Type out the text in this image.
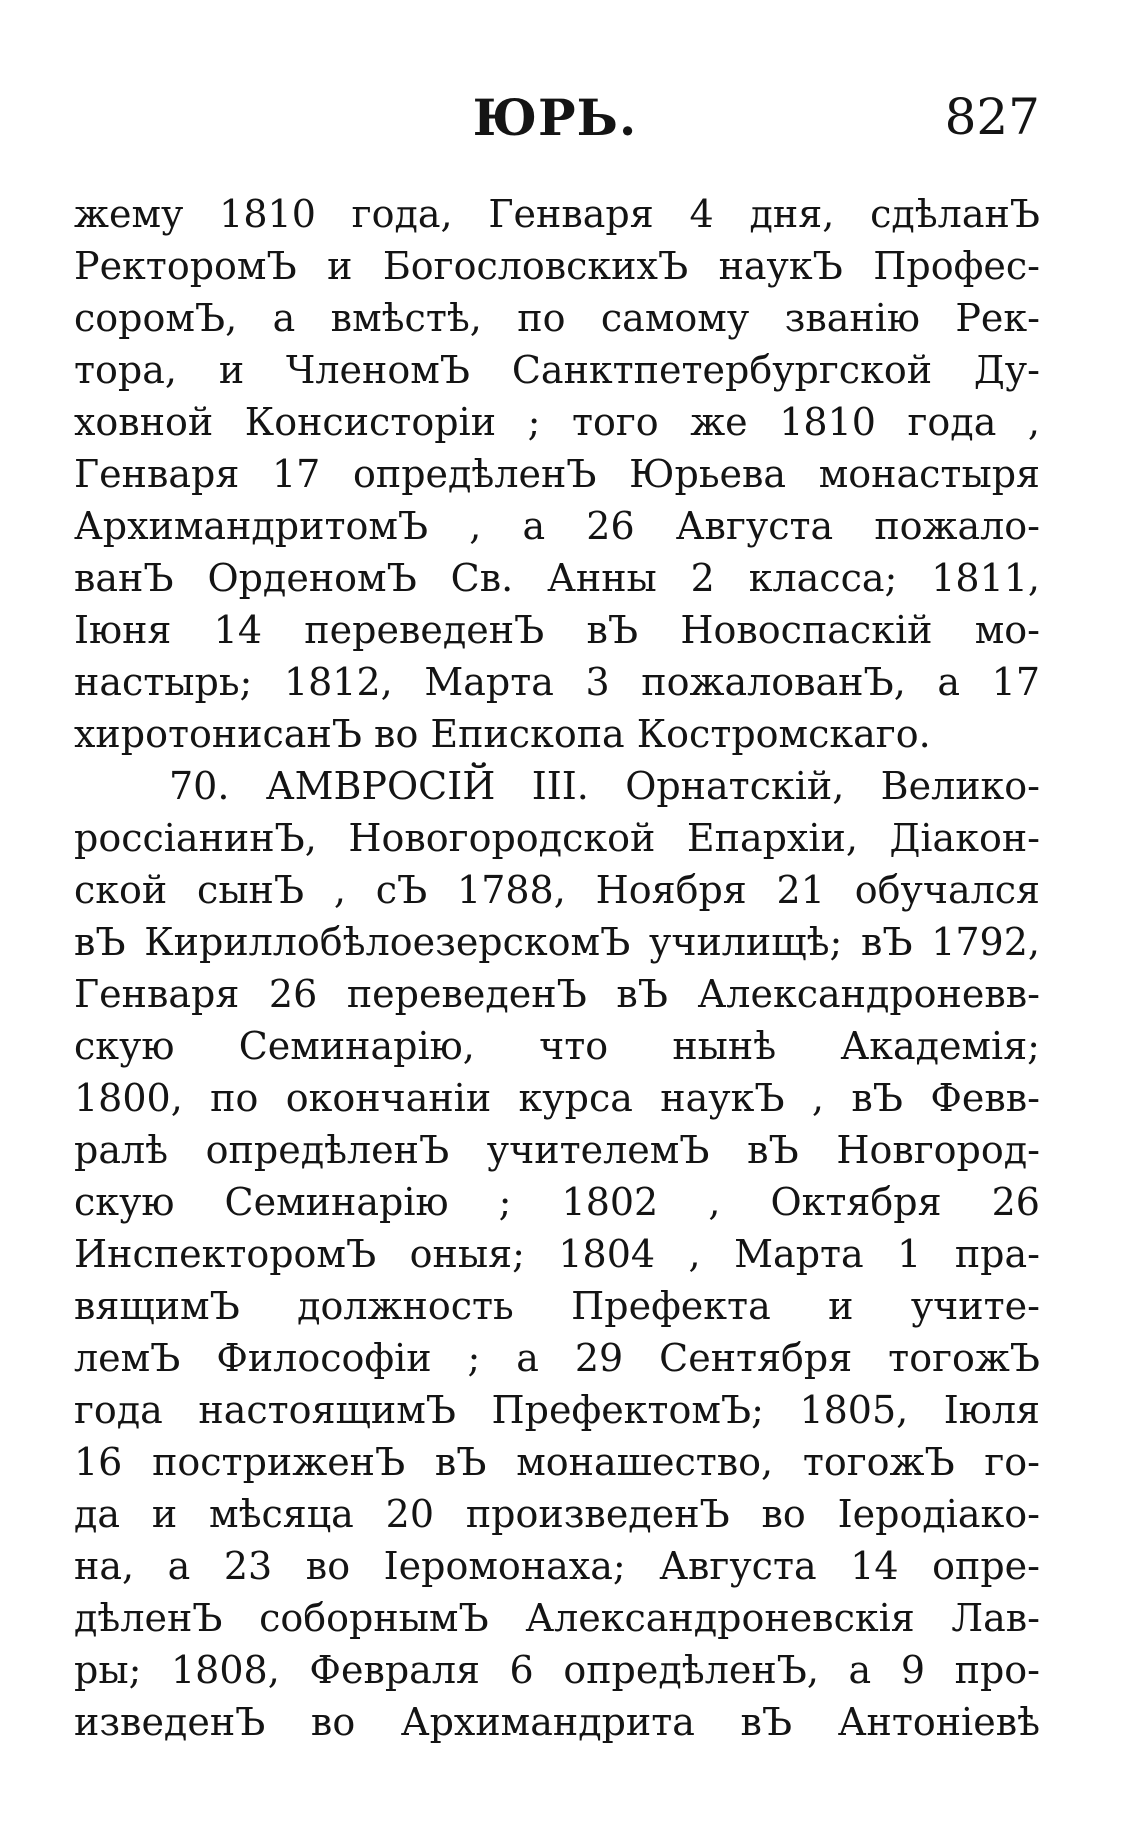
ЮРЬ.	827
жему 1810 года, Генваря 4 дня, сдѣланЪ
РекторомЪ и БогословскихЪ наукЪ Профес-
соромЪ, а вмѣстѣ, по самому званію Рек-
тора, и ЧленомЪ Санктпетербургской Ду-
ховной Консисторіи ; того же 1810 года ,
Генваря 17 опредѣленЪ Юрьева монастыря
АрхимандритомЪ , а 26 Августа пожало-
ванЪ ОрденомЪ Св. Анны 2 класса; 1811,
Іюня 14 переведенЪ вЪ Новоспаскій мо-
настырь; 1812, Марта 3 пожалованЪ, а 17
хиротонисанЪ во Епископа Костромскаго.
70. АМВРОСІЙ III. Орнатскій, Велико-
россіанинЪ, Новогородской Епархіи, Діакон-
ской сынЪ , сЪ 1788, Ноября 21 обучался
вЪ КириллобѣлоезерскомЪ училищѣ; вЪ 1792,
Генваря 26 переведенЪ вЪ Александроневв-
скую Семинарію, что нынѣ Академія;
1800, по окончаніи курса наукЪ , вЪ Февв-
ралѣ опредѣленЪ учителемЪ вЪ Новгород-
скую Семинарію ; 1802 , Октября 26
ИнспекторомЪ оныя; 1804 , Марта 1 пра-
вящимЪ должность Префекта и учите-
лемЪ Философіи ; а 29 Сентября тогожЪ
года настоящимЪ ПрефектомЪ; 1805, Іюля
16 постриженЪ вЪ монашество, тогожЪ го-
да и мѣсяца 20 произведенЪ во Іеродіако-
на, а 23 во Іеромонаха; Августа 14 опре-
дѣленЪ соборнымЪ Александроневскія Лав-
ры; 1808, Февраля 6 опредѣленЪ, а 9 про-
изведенЪ во Архимандрита вЪ Антоніевѣ
